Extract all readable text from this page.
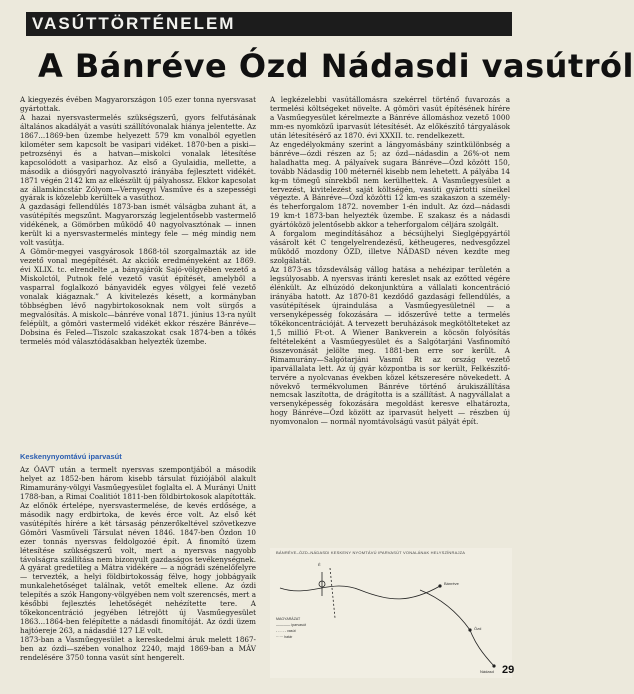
VASÚTTÖRTÉNELEM
A Bánréve Ózd Nádasdi vasútról
A kiegyezés évében Magyarországon 105 ezer tonna nyersvasat gyártottak.
A hazai nyersvastermelés szükségszerű, gyors felfutásának általános akadályát a vasúti szállítóvonalak hiánya jelentette. Az 1867...1869-ben üzembe helyezett 579 km vonalból egyetlen kilométer sem kapcsolt be vasipari vidéket. 1870-ben a piski—petrozsényi és a hatvan—miskolci vonalak létesítése kapcsolódott a vasiparhoz. Az első a Gyulaidia, mellette, a második a diósgyőri nagyolvasztó irányába fejlesztett vidékét. 1871 végén 2142 km az elkészült új pályahossz. Ekkor kapcsolat az államkincstár Zólyom—Vernyegyi Vasműve és a szepességi gyárak is közelebb kerültek a vasúthoz.
A gazdasági fellendülés 1873-ban ismét válságba zuhant át, a vasútépítés megszűnt. Magyarország legjelentősebb vastermelő vidékének, a Gömörben működő 40 nagyolvasztónak — innen került ki a nyersvastermelés mintegy fele — még mindig nem volt vasútja.
A Gömör-megyei vasgyárosok 1868-tól szorgalmazták az ide vezető vonal megépítését. Az akciók eredményeként az 1869. évi XLIX. tc. elrendelte „a bányajárók Sajó-völgyében vezető a Miskolctól, Putnok felé vezető vasút építését, amelyből a vasparral foglalkozó bányavidék egyes völgyei felé vezető vonalak kiágaznak.” A kivitelezés késett, a kormányban többségben lévő nagybirtokosoknak nem volt sürgős a megvalósítás. A miskolc—bánréve vonal 1871. június 13-ra nyúlt felépült, a gömöri vastermelő vidékét ekkor részére Bánréve—Dobsina és Feled—Tiszolc szakaszokat csak 1874-ben a tőkés termelés mód választódásakban helyezték üzembe.
Keskenynyomtávú iparvasút
Az ÓAVT után a termelt nyersvas szempontjából a második helyet az 1852-ben három kisebb társulat fúziójából alakult Rimamurány-völgyi Vasműegyesület foglalta el. A Murányi Unitt 1788-ban, a Rimai Coalitiót 1811-ben földbirtokosok alapították. Az előnök értelépe, nyersvastermelése, de kevés erdősége, a második nagy erdbirtoka, de kevés érce volt. Az első két vasútépítés hírére a két társaság pénzerőkeltével szövetkezve Gömöri Vasműveli Társulat néven 1846. 1847-ben Ózdon 10 ezer tonnás nyersvas feldolgozóé épít. A finomító üzem létesítése szükségszerű volt, mert a nyersvas nagyobb távolságra szállítása nem bizonyult gazdaságos tevékenységnek. A gyárat gredetileg a Mátra vidékére — a nógrádi szénelőfelyre — tervezték, a helyi földbirtokosság félve, hogy jobbágyaik munkalehetőséget találnak, vetőt emeltek ellene. Az ózdi telepítés a szók Hangony-völgyében nem volt szerencsés, mert a későbbi fejlesztés lehetőségét nehézítette tere. A tőkekoncentráció jegyében létrejött új Vasműegyesület 1863...1864-ben felépítette a nádasdi finomítóját. Az ózdi üzem hajtóereje 263, a nádasdié 127 LE volt.
1873-ban a Vasműegyesület a kereskedelmi áruk melett 1867-ben az ózdi—szében vonalhoz 2240, majd 1869-ban a MÁV rendelésére 3750 tonna vasút sínt hengerelt.
A legkézelebbi vasútállomásra szekérrel történő fuvarozás a termelési költségeket növelte. A gömöri vasút építésének hírére a Vasműegyesület kérelmezte a Bánréve állomáshoz vezető 1000 mm-es nyomközű iparvasút létesítését. Az előkészítő tárgyalások után létesítésérő az 1870. évi XXXII. tc. rendelkezett.
Az engedélyokmány szerint a lángyomásbány szintkülönbség a bánréve—ózdi részen az 5; az ózd—nádasdin a 26%-ot nem haladhatta meg. A pályaívek sugara Bánréve—Ózd között 150, tovább Nádasdig 100 méternél kisebb nem lehetett. A pályába 14 kg-m tömegű sínrekből nem kerülhettek. A Vasműegyesület a tervezést, kivitelezést saját költségén, vasúti gyártotti síneikel végezte. A Bánréve—Ózd közötti 12 km-es szakaszon a személy- és teherforgalom 1872. november 1-én indult. Az ózd—nádasdi 19 km-t 1873-ban helyezték üzembe. E szakasz és a nádasdi gyártóközö jelentősebb akkor a teherforgalom céljára szolgált.
A forgalom megindításához a bécsújhelyi Sieglgépgyártól vásárolt két C tengelyelrendezésű, kétheugeres, nedvesgőzzel működő mozdony ÓZD, illetve NÁDASD néven kezdte meg szolgálatát.
Az 1873-as tőzsdeválság vállog hatása a nehézipar területén a legsúlyosabb. A nyersvas iránti kereslet nsak az ezőtted végére élénkült. Az elhúzódó dekonjunktúra a vállalati koncentráció irányába hatott. Az 1870-81 kezdődő gazdasági fellendülés, a vasútépítések újraindulása a Vasműegyesületnél — a versenyképesség fokozására — időszerűvé tette a termelés tőkékoncentrációját. A tervezett beruházások megkötölteteket az 1,5 millió Ft-ot. A Wiener Bankverein a köcsön folyósítás feltételeként a Vasműegyesület és a Salgótarjáni Vasfinomító összevonását jelölte meg. 1881-ben erre sor került. A Rimamurány—Salgótarjáni Vasmű Rt az ország vezető iparvállalata lett. Az új gyár központba is sor került, Felkészítő-tervére a nyolcvanas években közel kétszeresére növekedett. A növekvő termékvolumen Bánréve történő árukiszállítása nemcsak laszította, de drágította is a szállítást. A nagyvállalat a versenyképesség fokozására megoldást keresve elhatározta, hogy Bánréve—Ózd között az iparvasút helyett — részben új nyomvonalon — normál nyomtávolságú vasút pályát épít.
BÁNRÉVE–ÓZD–NÁDASDI KESKENY NYOMTÁVÚ IPARVASÚT VONALÁNAK HELYSZÍNRAJZA
É
Bánréve
Ózd
Nádasd
MAGYARÁZAT
———— iparvasút
- - - - - vasút
······ határ
29
